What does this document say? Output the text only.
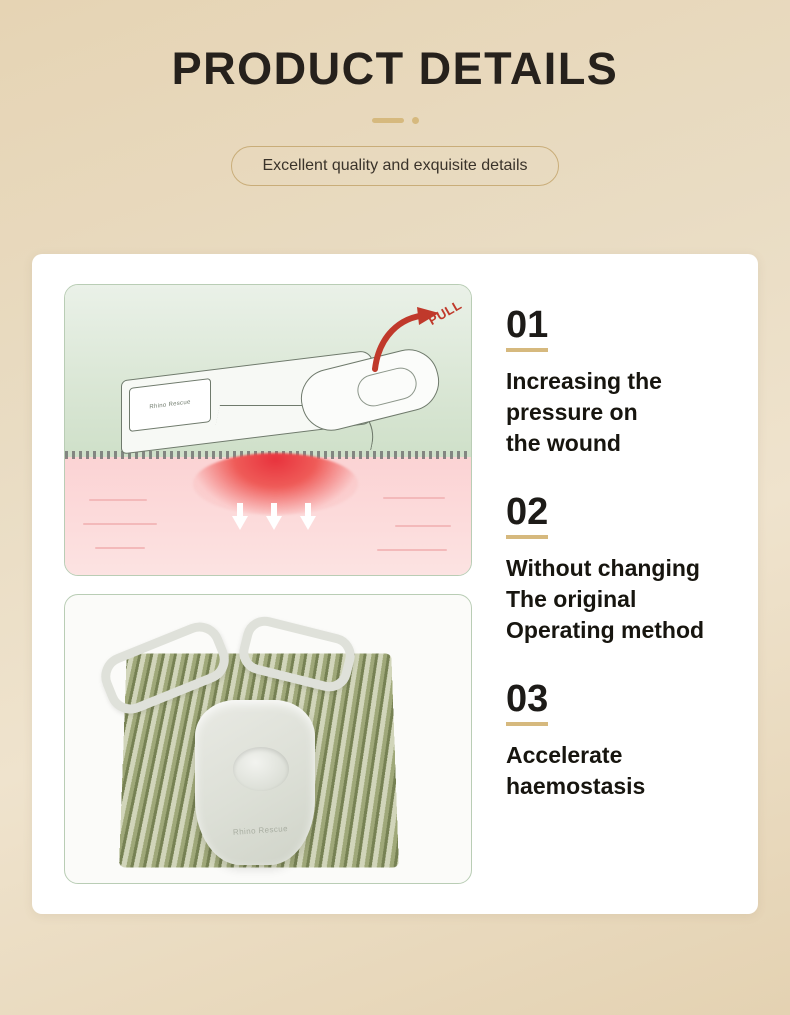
PRODUCT DETAILS
Excellent quality and exquisite details
Rhino Rescue
PULL
Rhino Rescue
01
Increasing the
pressure on
the wound
02
Without changing
The original
Operating method
03
Accelerate
haemostasis
